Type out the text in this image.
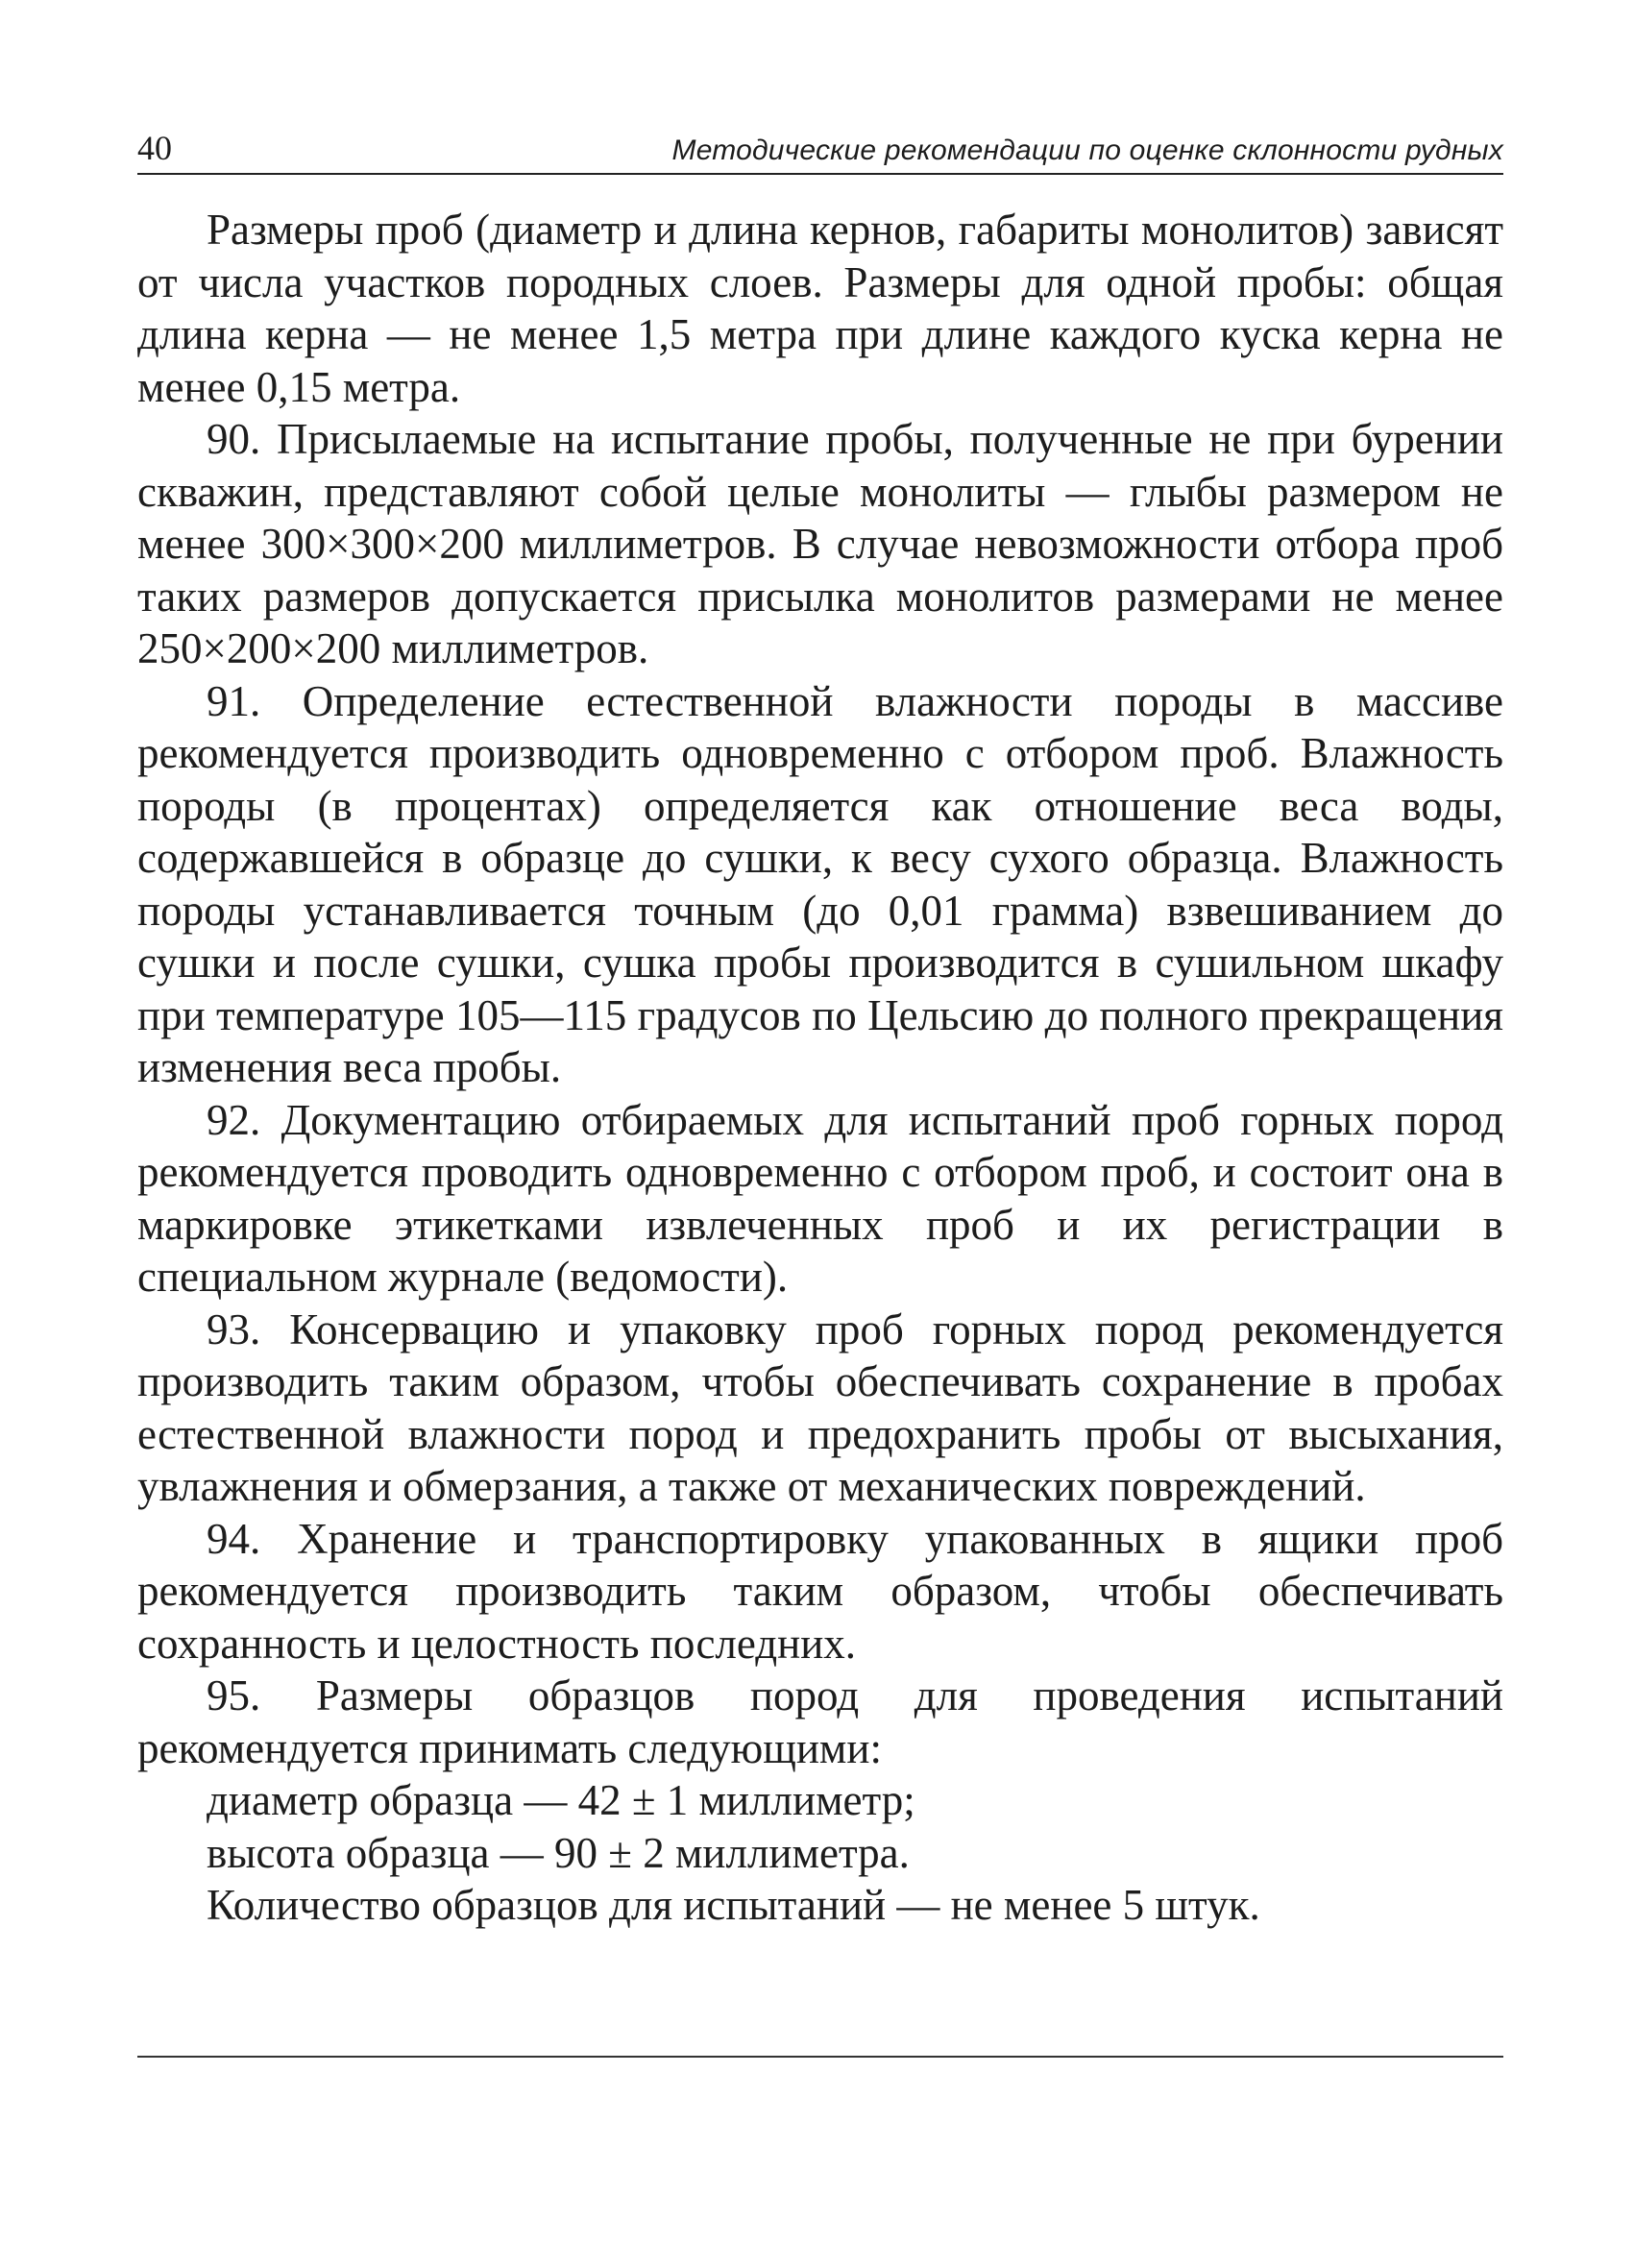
40	Методические рекомендации по оценке склонности рудных

Размеры проб (диаметр и длина кернов, габариты монолитов) зависят от числа участков породных слоев. Размеры для одной пробы: общая длина керна — не менее 1,5 метра при длине каждого куска керна не менее 0,15 метра.

90. Присылаемые на испытание пробы, полученные не при бурении скважин, представляют собой целые монолиты — глыбы размером не менее 300×300×200 миллиметров. В случае невозможности отбора проб таких размеров допускается присылка монолитов размерами не менее 250×200×200 миллиметров.

91. Определение естественной влажности породы в массиве рекомендуется производить одновременно с отбором проб. Влажность породы (в процентах) определяется как отношение веса воды, содержавшейся в образце до сушки, к весу сухого образца. Влажность породы устанавливается точным (до 0,01 грамма) взвешиванием до сушки и после сушки, сушка пробы производится в сушильном шкафу при температуре 105—115 градусов по Цельсию до полного прекращения изменения веса пробы.

92. Документацию отбираемых для испытаний проб горных пород рекомендуется проводить одновременно с отбором проб, и состоит она в маркировке этикетками извлеченных проб и их регистрации в специальном журнале (ведомости).

93. Консервацию и упаковку проб горных пород рекомендуется производить таким образом, чтобы обеспечивать сохранение в пробах естественной влажности пород и предохранить пробы от высыхания, увлажнения и обмерзания, а также от механических повреждений.

94. Хранение и транспортировку упакованных в ящики проб рекомендуется производить таким образом, чтобы обеспечивать сохранность и целостность последних.

95. Размеры образцов пород для проведения испытаний рекомендуется принимать следующими:

диаметр образца — 42 ± 1 миллиметр;

высота образца — 90 ± 2 миллиметра.

Количество образцов для испытаний — не менее 5 штук.
